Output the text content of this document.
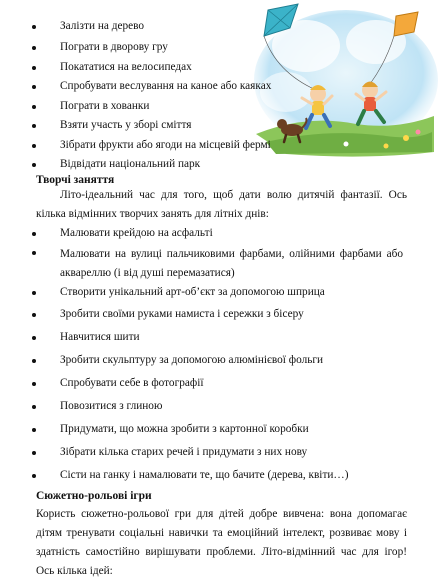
Залізти на дерево
Пограти в дворову гру
Покататися на велосипедах
Спробувати веслування на каное або каяках
Пограти в хованки
Взяти участь у зборі сміття
Зібрати фрукти або ягоди на місцевій фермі
Відвідати національний парк
Творчі заняття
Літо-ідеальний час для того, щоб дати волю дитячій фантазії. Ось кілька відмінних творчих занять для літніх днів:
Малювати крейдою на асфальті
Малювати на вулиці пальчиковими фарбами, олійними фарбами або аквареллю (і від душі перемазатися)
Створити унікальний арт-об’єкт за допомогою шприца
Зробити своїми руками намиста і сережки з бісеру
Навчитися шити
Зробити скульптуру за допомогою алюмінієвої фольги
Спробувати себе в фотографії
Повозитися з глиною
Придумати, що можна зробити з картонної коробки
Зібрати кілька старих речей і придумати з них нову
Сісти на ганку і намалювати те, що бачите (дерева, квіти…)
Сюжетно-рольові ігри
Користь сюжетно-рольової гри для дітей добре вивчена: вона допомагає дітям тренувати соціальні навички та емоційний інтелект, розвиває мову і здатність самостійно вирішувати проблеми. Літо-відмінний час для ігор! Ось кілька ідей:
